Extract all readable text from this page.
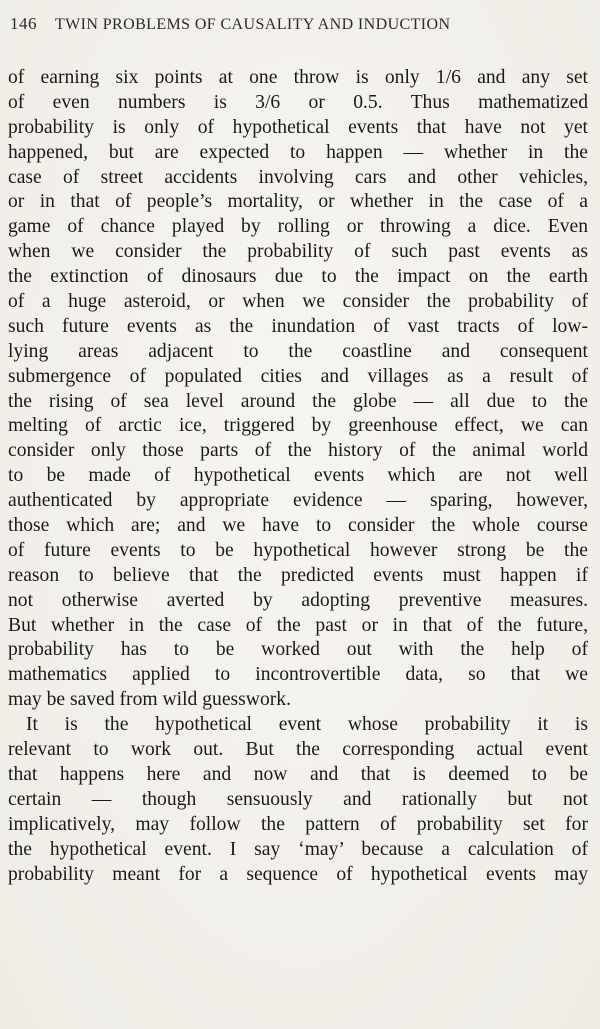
146 TWIN PROBLEMS OF CAUSALITY AND INDUCTION
of earning six points at one throw is only 1/6 and any set
of even numbers is 3/6 or 0.5. Thus mathematized
probability is only of hypothetical events that have not yet
happened, but are expected to happen — whether in the
case of street accidents involving cars and other vehicles,
or in that of people’s mortality, or whether in the case of a
game of chance played by rolling or throwing a dice. Even
when we consider the probability of such past events as
the extinction of dinosaurs due to the impact on the earth
of a huge asteroid, or when we consider the probability of
such future events as the inundation of vast tracts of low-
lying areas adjacent to the coastline and consequent
submergence of populated cities and villages as a result of
the rising of sea level around the globe — all due to the
melting of arctic ice, triggered by greenhouse effect, we can
consider only those parts of the history of the animal world
to be made of hypothetical events which are not well
authenticated by appropriate evidence — sparing, however,
those which are; and we have to consider the whole course
of future events to be hypothetical however strong be the
reason to believe that the predicted events must happen if
not otherwise averted by adopting preventive measures.
But whether in the case of the past or in that of the future,
probability has to be worked out with the help of
mathematics applied to incontrovertible data, so that we
may be saved from wild guesswork.
It is the hypothetical event whose probability it is
relevant to work out. But the corresponding actual event
that happens here and now and that is deemed to be
certain — though sensuously and rationally but not
implicatively, may follow the pattern of probability set for
the hypothetical event. I say ‘may’ because a calculation of
probability meant for a sequence of hypothetical events may
